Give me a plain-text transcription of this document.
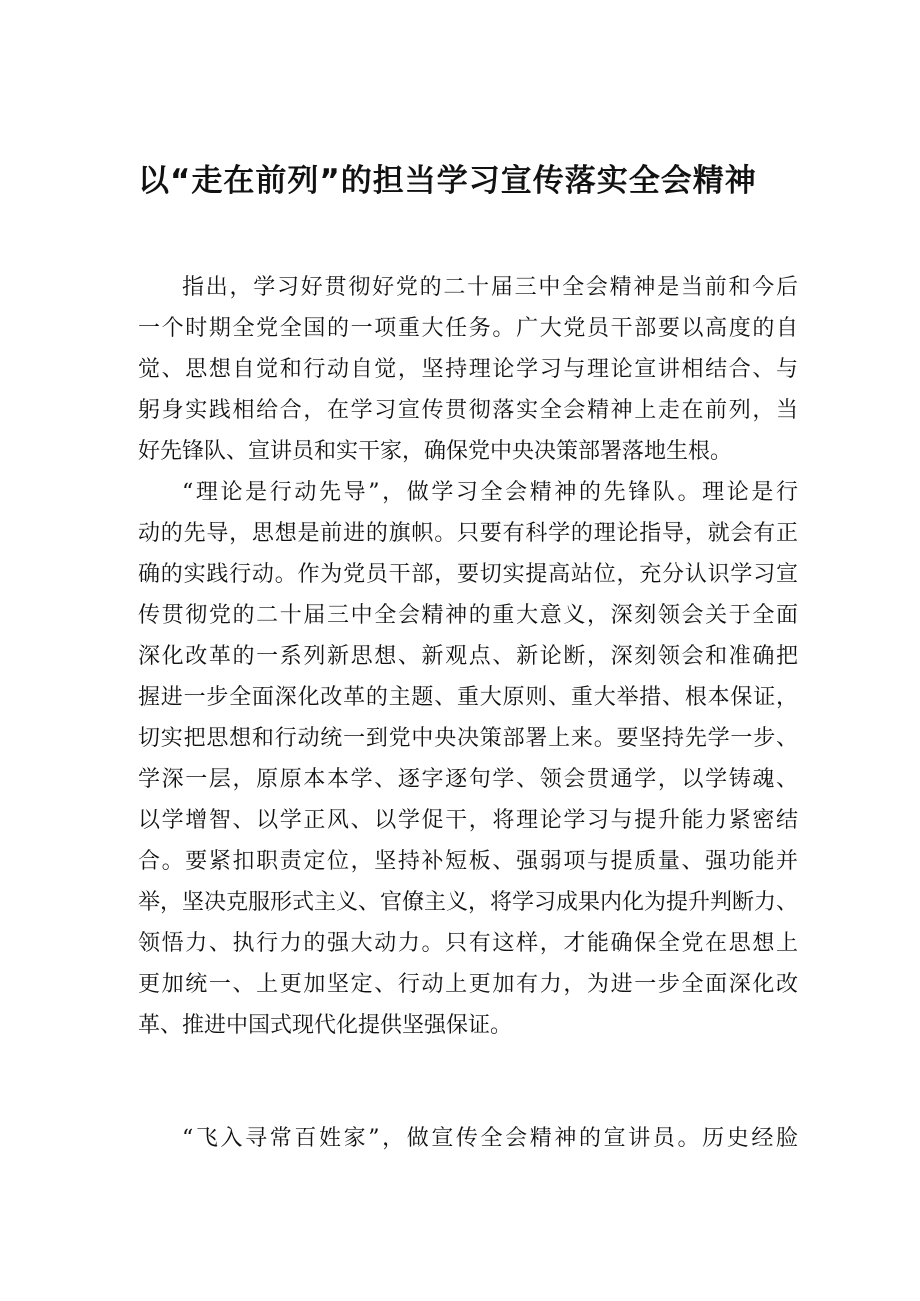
以“走在前列”的担当学习宣传落实全会精神
指出，学习好贯彻好党的二十届三中全会精神是当前和今后
一个时期全党全国的一项重大任务。广大党员干部要以高度的自
觉、思想自觉和行动自觉，坚持理论学习与理论宣讲相结合、与
躬身实践相给合，在学习宣传贯彻落实全会精神上走在前列，当
好先锋队、宣讲员和实干家，确保党中央决策部署落地生根。
“理论是行动先导”，做学习全会精神的先锋队。理论是行
动的先导，思想是前进的旗帜。只要有科学的理论指导，就会有正
确的实践行动。作为党员干部，要切实提高站位，充分认识学习宣
传贯彻党的二十届三中全会精神的重大意义，深刻领会关于全面
深化改革的一系列新思想、新观点、新论断，深刻领会和准确把
握进一步全面深化改革的主题、重大原则、重大举措、根本保证，
切实把思想和行动统一到党中央决策部署上来。要坚持先学一步、
学深一层，原原本本学、逐字逐句学、领会贯通学，以学铸魂、
以学增智、以学正风、以学促干，将理论学习与提升能力紧密结
合。要紧扣职责定位，坚持补短板、强弱项与提质量、强功能并
举，坚决克服形式主义、官僚主义，将学习成果内化为提升判断力、
领悟力、执行力的强大动力。只有这样，才能确保全党在思想上
更加统一、上更加坚定、行动上更加有力，为进一步全面深化改
革、推进中国式现代化提供坚强保证。
“飞入寻常百姓家”，做宣传全会精神的宣讲员。历史经脸
